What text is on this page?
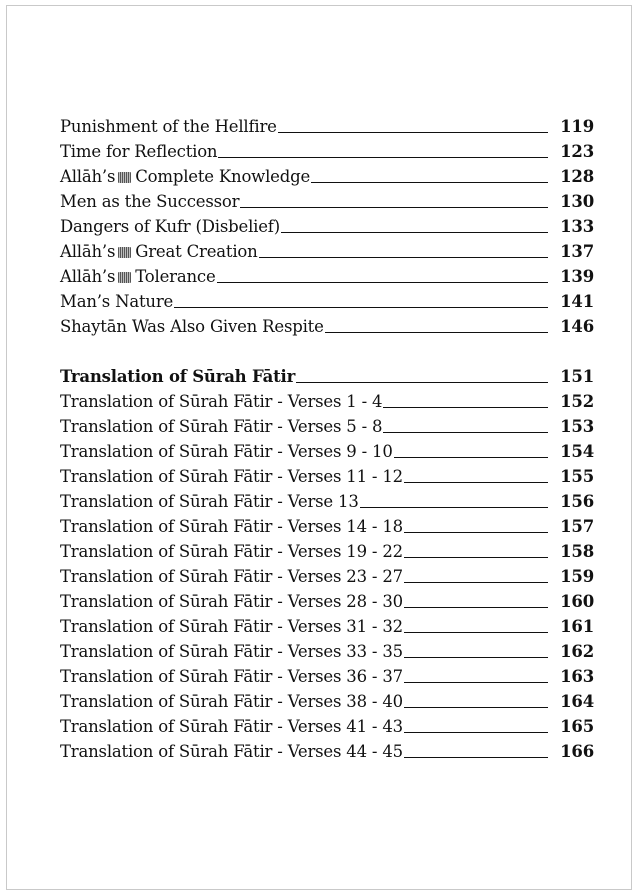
Punishment of the Hellfire	119
Time for Reflection	123
Allāh’s Complete Knowledge	128
Men as the Successor	130
Dangers of Kufr (Disbelief)	133
Allāh’s Great Creation	137
Allāh’s Tolerance	139
Man’s Nature	141
Shaytān Was Also Given Respite	146
Translation of Sūrah Fātir	151
Translation of Sūrah Fātir - Verses 1 - 4	152
Translation of Sūrah Fātir - Verses 5 - 8	153
Translation of Sūrah Fātir - Verses 9 - 10	154
Translation of Sūrah Fātir - Verses 11 - 12	155
Translation of Sūrah Fātir - Verse 13	156
Translation of Sūrah Fātir - Verses 14 - 18	157
Translation of Sūrah Fātir - Verses 19 - 22	158
Translation of Sūrah Fātir - Verses 23 - 27	159
Translation of Sūrah Fātir - Verses 28 - 30	160
Translation of Sūrah Fātir - Verses 31 - 32	161
Translation of Sūrah Fātir - Verses 33 - 35	162
Translation of Sūrah Fātir - Verses 36 - 37	163
Translation of Sūrah Fātir - Verses 38 - 40	164
Translation of Sūrah Fātir - Verses 41 - 43	165
Translation of Sūrah Fātir - Verses 44 - 45	166
